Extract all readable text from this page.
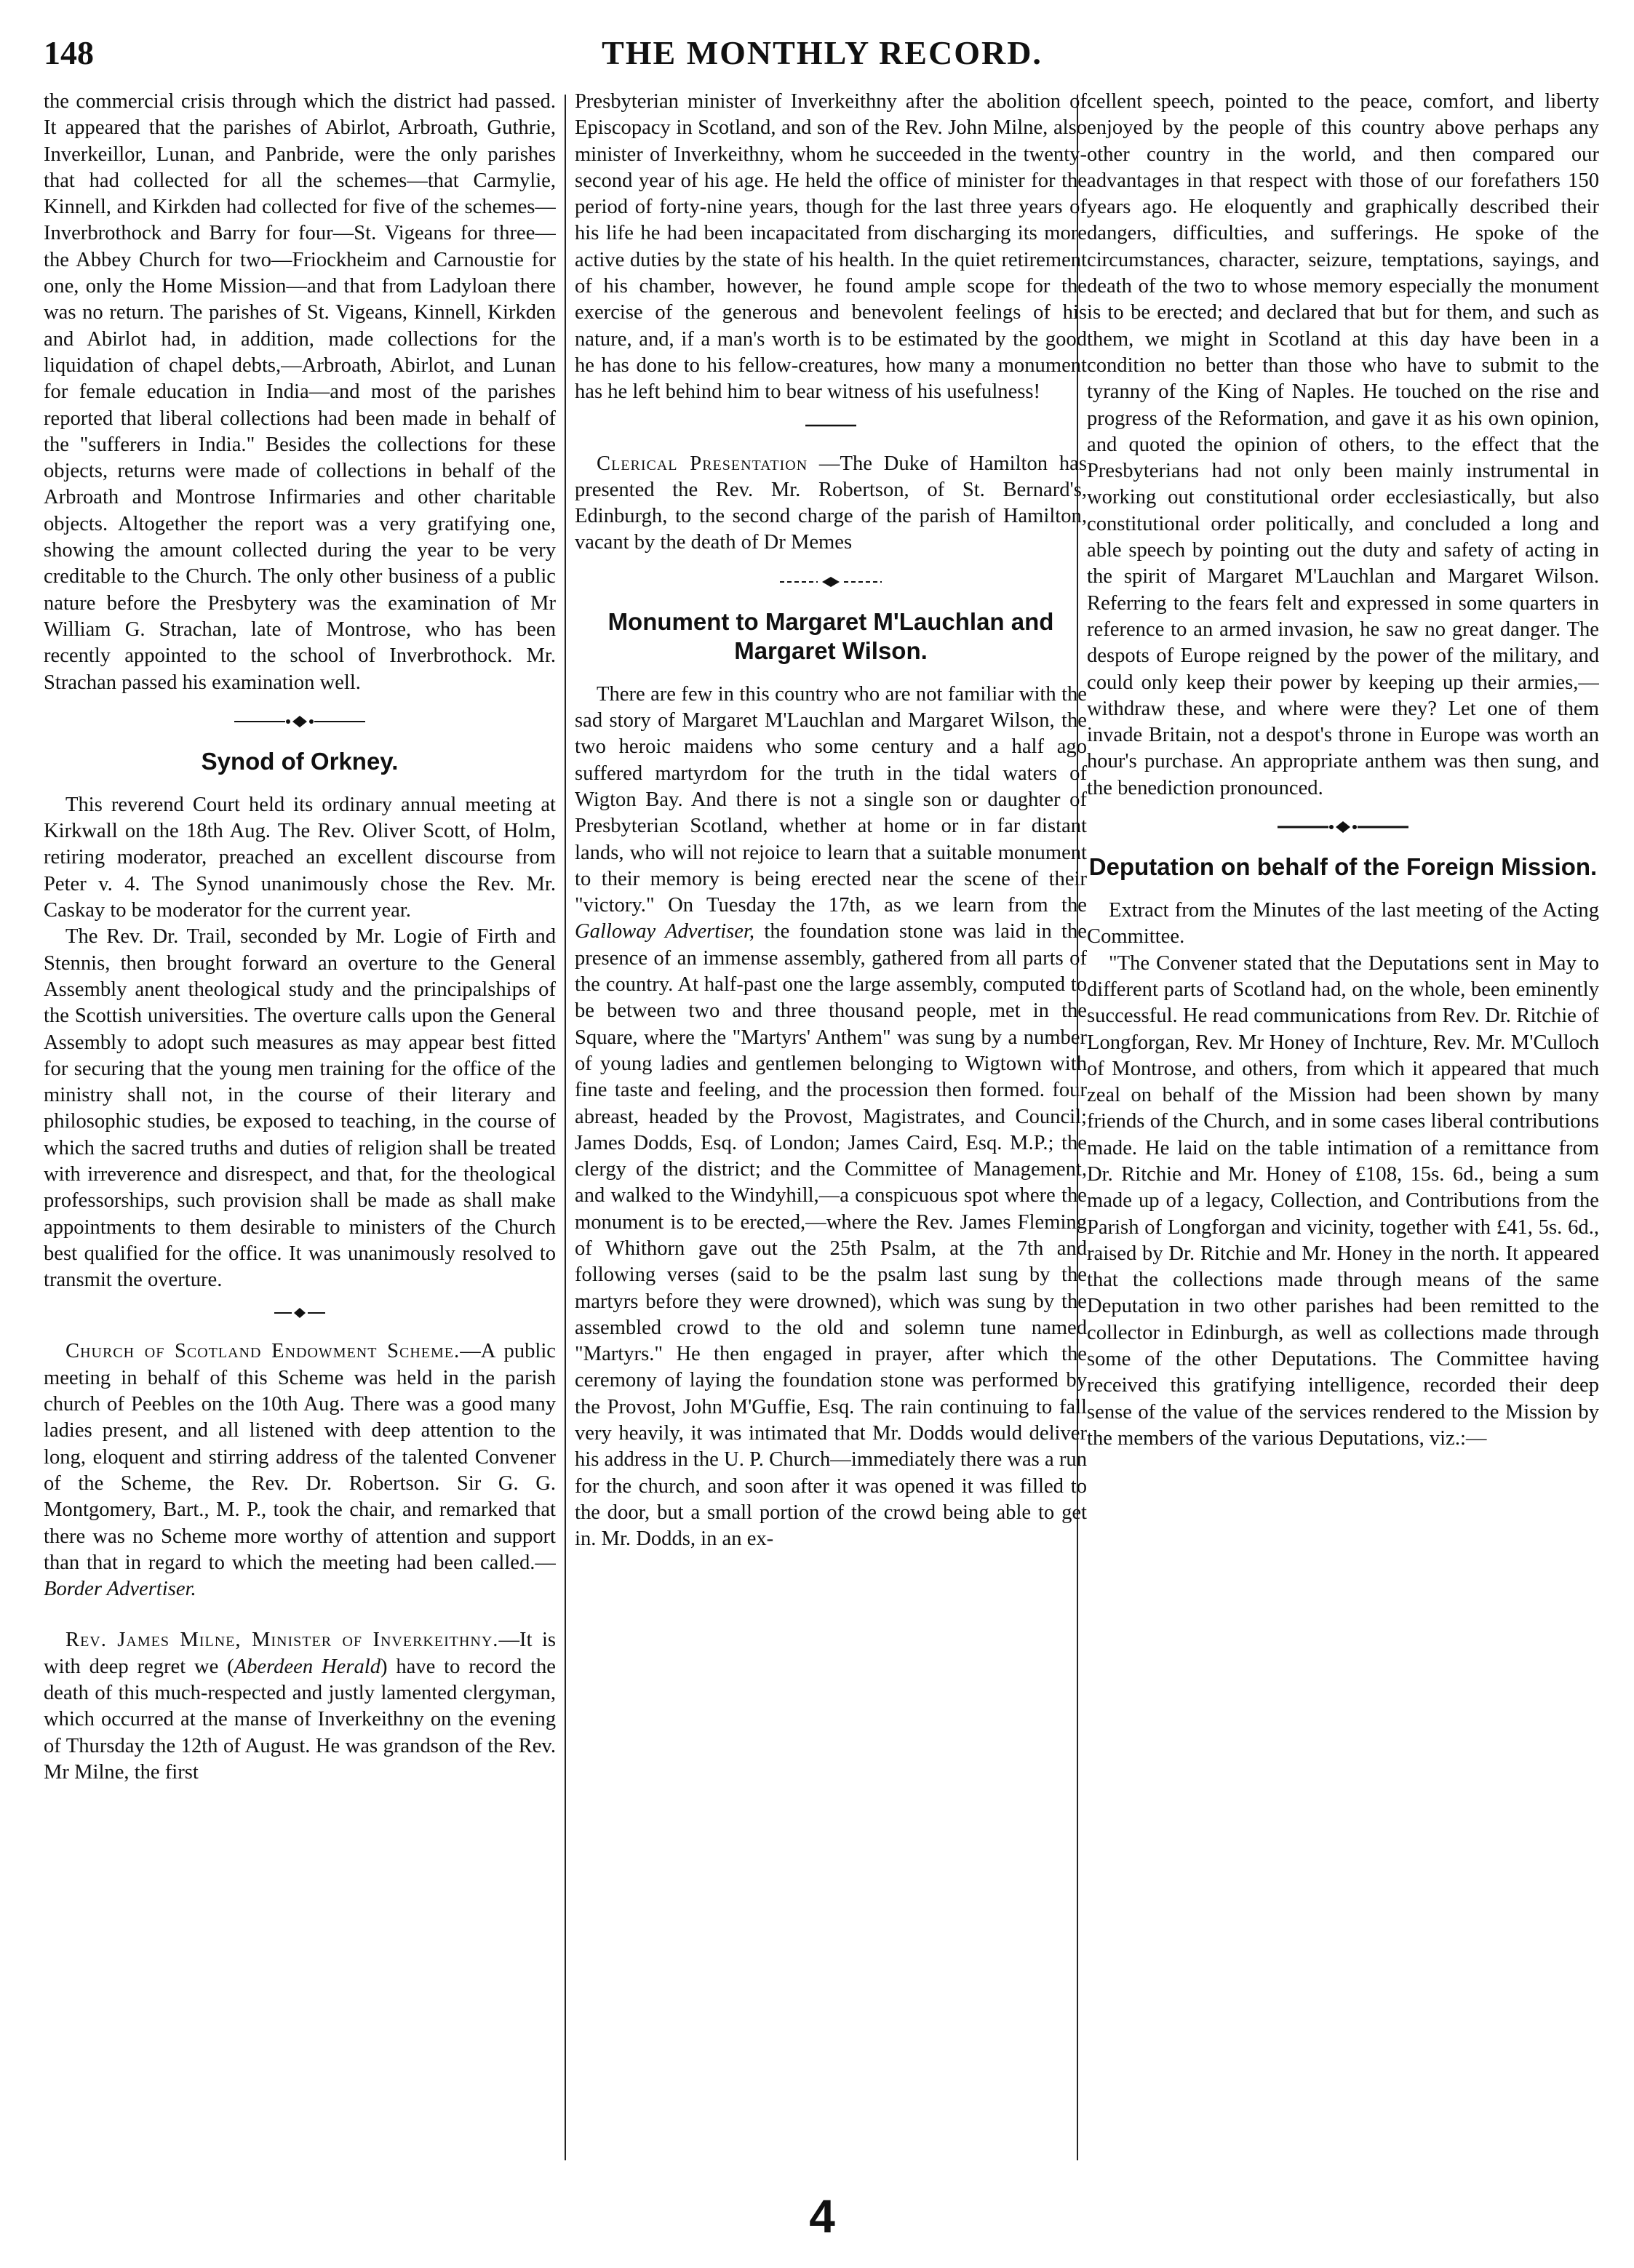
148	THE MONTHLY RECORD.

the commercial crisis through which the district had passed. It appeared that the parishes of Abirlot, Arbroath, Guthrie, Inverkeillor, Lunan, and Panbride, were the only parishes that had collected for all the schemes—that Carmylie, Kinnell, and Kirkden had collected for five of the schemes—Inverbrothock and Barry for four—St. Vigeans for three—the Abbey Church for two—Friockheim and Carnoustie for one, only the Home Mission—and that from Ladyloan there was no return. The parishes of St. Vigeans, Kinnell, Kirkden and Abirlot had, in addition, made collections for the liquidation of chapel debts,—Arbroath, Abirlot, and Lunan for female education in India—and most of the parishes reported that liberal collections had been made in behalf of the "sufferers in India." Besides the collections for these objects, returns were made of collections in behalf of the Arbroath and Montrose Infirmaries and other charitable objects. Altogether the report was a very gratifying one, showing the amount collected during the year to be very creditable to the Church. The only other business of a public nature before the Presbytery was the examination of Mr William G. Strachan, late of Montrose, who has been recently appointed to the school of Inverbrothock. Mr. Strachan passed his examination well.

Synod of Orkney.

This reverend Court held its ordinary annual meeting at Kirkwall on the 18th Aug. The Rev. Oliver Scott, of Holm, retiring moderator, preached an excellent discourse from Peter v. 4. The Synod unanimously chose the Rev. Mr. Caskay to be moderator for the current year.

The Rev. Dr. Trail, seconded by Mr. Logie of Firth and Stennis, then brought forward an overture to the General Assembly anent theological study and the principalships of the Scottish universities. The overture calls upon the General Assembly to adopt such measures as may appear best fitted for securing that the young men training for the office of the ministry shall not, in the course of their literary and philosophic studies, be exposed to teaching, in the course of which the sacred truths and duties of religion shall be treated with irreverence and disrespect, and that, for the theological professorships, such provision shall be made as shall make appointments to them desirable to ministers of the Church best qualified for the office. It was unanimously resolved to transmit the overture.

Church of Scotland Endowment Scheme.—A public meeting in behalf of this Scheme was held in the parish church of Peebles on the 10th Aug. There was a good many ladies present, and all listened with deep attention to the long, eloquent and stirring address of the talented Convener of the Scheme, the Rev. Dr. Robertson. Sir G. G. Montgomery, Bart., M. P., took the chair, and remarked that there was no Scheme more worthy of attention and support than that in regard to which the meeting had been called.—Border Advertiser.

Rev. James Milne, Minister of Inverkeithny.—It is with deep regret we (Aberdeen Herald) have to record the death of this much-respected and justly lamented clergyman, which occurred at the manse of Inverkeithny on the evening of Thursday the 12th of August. He was grandson of the Rev. Mr Milne, the first

Presbyterian minister of Inverkeithny after the abolition of Episcopacy in Scotland, and son of the Rev. John Milne, also minister of Inverkeithny, whom he succeeded in the twenty-second year of his age. He held the office of minister for the period of forty-nine years, though for the last three years of his life he had been incapacitated from discharging its more active duties by the state of his health. In the quiet retirement of his chamber, however, he found ample scope for the exercise of the generous and benevolent feelings of his nature, and, if a man's worth is to be estimated by the good he has done to his fellow-creatures, how many a monument has he left behind him to bear witness of his usefulness!

Clerical Presentation —The Duke of Hamilton has presented the Rev. Mr. Robertson, of St. Bernard's, Edinburgh, to the second charge of the parish of Hamilton, vacant by the death of Dr Memes

Monument to Margaret M'Lauchlan and Margaret Wilson.

There are few in this country who are not familiar with the sad story of Margaret M'Lauchlan and Margaret Wilson, the two heroic maidens who some century and a half ago suffered martyrdom for the truth in the tidal waters of Wigton Bay. And there is not a single son or daughter of Presbyterian Scotland, whether at home or in far distant lands, who will not rejoice to learn that a suitable monument to their memory is being erected near the scene of their "victory." On Tuesday the 17th, as we learn from the Galloway Advertiser, the foundation stone was laid in the presence of an immense assembly, gathered from all parts of the country. At half-past one the large assembly, computed to be between two and three thousand people, met in the Square, where the "Martyrs' Anthem" was sung by a number of young ladies and gentlemen belonging to Wigtown with fine taste and feeling, and the procession then formed. four abreast, headed by the Provost, Magistrates, and Council; James Dodds, Esq. of London; James Caird, Esq. M.P.; the clergy of the district; and the Committee of Management, and walked to the Windyhill,—a conspicuous spot where the monument is to be erected,—where the Rev. James Fleming of Whithorn gave out the 25th Psalm, at the 7th and following verses (said to be the psalm last sung by the martyrs before they were drowned), which was sung by the assembled crowd to the old and solemn tune named "Martyrs." He then engaged in prayer, after which the ceremony of laying the foundation stone was performed by the Provost, John M'Guffie, Esq. The rain continuing to fall very heavily, it was intimated that Mr. Dodds would deliver his address in the U. P. Church—immediately there was a run for the church, and soon after it was opened it was filled to the door, but a small portion of the crowd being able to get in. Mr. Dodds, in an ex-

cellent speech, pointed to the peace, comfort, and liberty enjoyed by the people of this country above perhaps any other country in the world, and then compared our advantages in that respect with those of our forefathers 150 years ago. He eloquently and graphically described their dangers, difficulties, and sufferings. He spoke of the circumstances, character, seizure, temptations, sayings, and death of the two to whose memory especially the monument is to be erected; and declared that but for them, and such as them, we might in Scotland at this day have been in a condition no better than those who have to submit to the tyranny of the King of Naples. He touched on the rise and progress of the Reformation, and gave it as his own opinion, and quoted the opinion of others, to the effect that the Presbyterians had not only been mainly instrumental in working out constitutional order ecclesiastically, but also constitutional order politically, and concluded a long and able speech by pointing out the duty and safety of acting in the spirit of Margaret M'Lauchlan and Margaret Wilson. Referring to the fears felt and expressed in some quarters in reference to an armed invasion, he saw no great danger. The despots of Europe reigned by the power of the military, and could only keep their power by keeping up their armies,—withdraw these, and where were they? Let one of them invade Britain, not a despot's throne in Europe was worth an hour's purchase. An appropriate anthem was then sung, and the benediction pronounced.

Deputation on behalf of the Foreign Mission.

Extract from the Minutes of the last meeting of the Acting Committee.

"The Convener stated that the Deputations sent in May to different parts of Scotland had, on the whole, been eminently successful. He read communications from Rev. Dr. Ritchie of Longforgan, Rev. Mr Honey of Inchture, Rev. Mr. M'Culloch of Montrose, and others, from which it appeared that much zeal on behalf of the Mission had been shown by many friends of the Church, and in some cases liberal contributions made. He laid on the table intimation of a remittance from Dr. Ritchie and Mr. Honey of £108, 15s. 6d., being a sum made up of a legacy, Collection, and Contributions from the Parish of Longforgan and vicinity, together with £41, 5s. 6d., raised by Dr. Ritchie and Mr. Honey in the north. It appeared that the collections made through means of the same Deputation in two other parishes had been remitted to the collector in Edinburgh, as well as collections made through some of the other Deputations. The Committee having received this gratifying intelligence, recorded their deep sense of the value of the services rendered to the Mission by the members of the various Deputations, viz.:—

4
